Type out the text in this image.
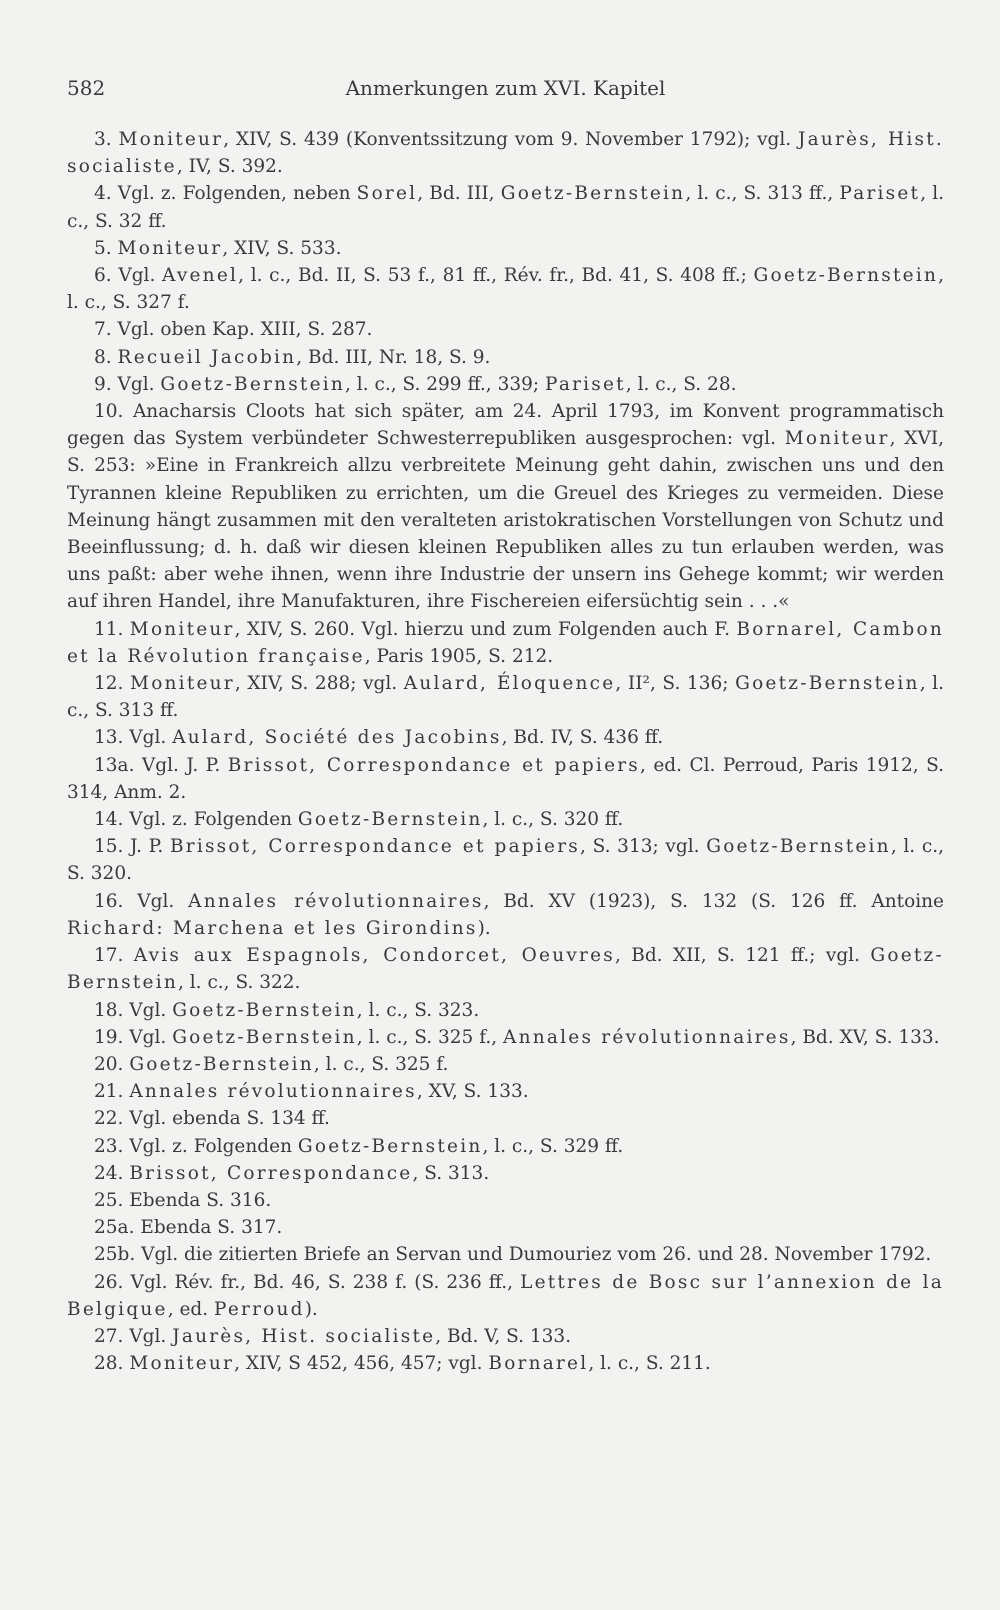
582	Anmerkungen zum XVI. Kapitel

3. Moniteur, XIV, S. 439 (Konventssitzung vom 9. November 1792); vgl. Jaurès, Hist. socialiste, IV, S. 392.

4. Vgl. z. Folgenden, neben Sorel, Bd. III, Goetz-Bernstein, l. c., S. 313 ff., Pariset, l. c., S. 32 ff.

5. Moniteur, XIV, S. 533.

6. Vgl. Avenel, l. c., Bd. II, S. 53 f., 81 ff., Rév. fr., Bd. 41, S. 408 ff.; Goetz-Bernstein, l. c., S. 327 f.

7. Vgl. oben Kap. XIII, S. 287.

8. Recueil Jacobin, Bd. III, Nr. 18, S. 9.

9. Vgl. Goetz-Bernstein, l. c., S. 299 ff., 339; Pariset, l. c., S. 28.

10. Anacharsis Cloots hat sich später, am 24. April 1793, im Konvent programmatisch gegen das System verbündeter Schwesterrepubliken ausgesprochen: vgl. Moniteur, XVI, S. 253: »Eine in Frankreich allzu verbreitete Meinung geht dahin, zwischen uns und den Tyrannen kleine Republiken zu errichten, um die Greuel des Krieges zu vermeiden. Diese Meinung hängt zusammen mit den veralteten aristokratischen Vorstellungen von Schutz und Beeinflussung; d. h. daß wir diesen kleinen Republiken alles zu tun erlauben werden, was uns paßt: aber wehe ihnen, wenn ihre Industrie der unsern ins Gehege kommt; wir werden auf ihren Handel, ihre Manufakturen, ihre Fischereien eifersüchtig sein . . .«

11. Moniteur, XIV, S. 260. Vgl. hierzu und zum Folgenden auch F. Bornarel, Cambon et la Révolution française, Paris 1905, S. 212.

12. Moniteur, XIV, S. 288; vgl. Aulard, Éloquence, II², S. 136; Goetz-Bernstein, l. c., S. 313 ff.

13. Vgl. Aulard, Société des Jacobins, Bd. IV, S. 436 ff.

13a. Vgl. J. P. Brissot, Correspondance et papiers, ed. Cl. Perroud, Paris 1912, S. 314, Anm. 2.

14. Vgl. z. Folgenden Goetz-Bernstein, l. c., S. 320 ff.

15. J. P. Brissot, Correspondance et papiers, S. 313; vgl. Goetz-Bernstein, l. c., S. 320.

16. Vgl. Annales révolutionnaires, Bd. XV (1923), S. 132 (S. 126 ff. Antoine Richard: Marchena et les Girondins).

17. Avis aux Espagnols, Condorcet, Oeuvres, Bd. XII, S. 121 ff.; vgl. Goetz-Bernstein, l. c., S. 322.

18. Vgl. Goetz-Bernstein, l. c., S. 323.

19. Vgl. Goetz-Bernstein, l. c., S. 325 f., Annales révolutionnaires, Bd. XV, S. 133.

20. Goetz-Bernstein, l. c., S. 325 f.

21. Annales révolutionnaires, XV, S. 133.

22. Vgl. ebenda S. 134 ff.

23. Vgl. z. Folgenden Goetz-Bernstein, l. c., S. 329 ff.

24. Brissot, Correspondance, S. 313.

25. Ebenda S. 316.

25a. Ebenda S. 317.

25b. Vgl. die zitierten Briefe an Servan und Dumouriez vom 26. und 28. November 1792.

26. Vgl. Rév. fr., Bd. 46, S. 238 f. (S. 236 ff., Lettres de Bosc sur l’annexion de la Belgique, ed. Perroud).

27. Vgl. Jaurès, Hist. socialiste, Bd. V, S. 133.

28. Moniteur, XIV, S 452, 456, 457; vgl. Bornarel, l. c., S. 211.
